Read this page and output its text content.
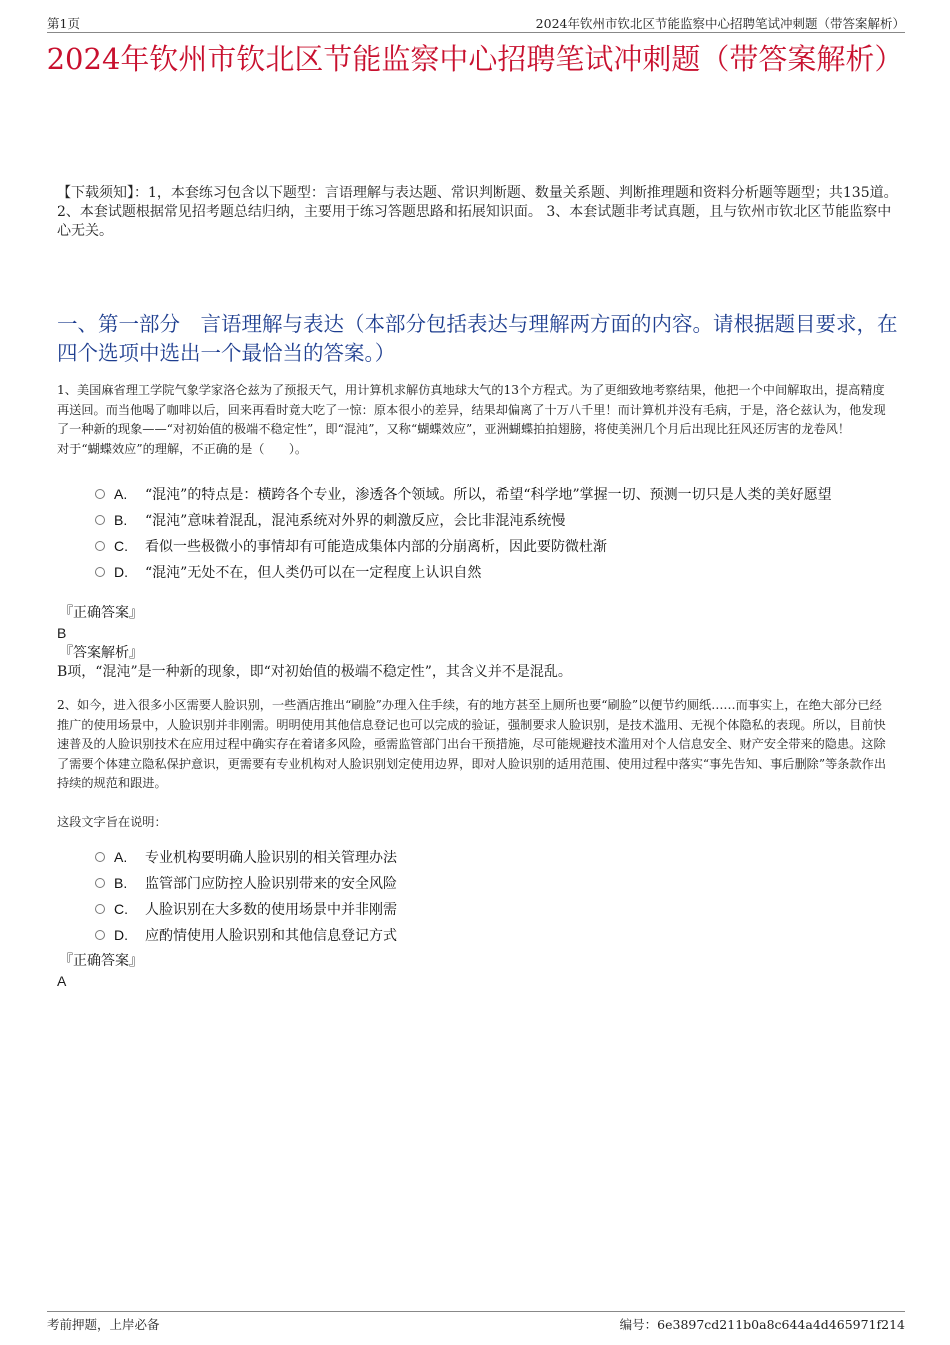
第1页	2024年钦州市钦北区节能监察中心招聘笔试冲刺题（带答案解析）
2024年钦州市钦北区节能监察中心招聘笔试冲刺题（带答案解析）
【下载须知】：1，本套练习包含以下题型：言语理解与表达题、常识判断题、数量关系题、判断推理题和资料分析题等题型；共135道。 2、本套试题根据常见招考题总结归纳，主要用于练习答题思路和拓展知识面。 3、本套试题非考试真题，且与钦州市钦北区节能监察中心无关。
一、第一部分　言语理解与表达（本部分包括表达与理解两方面的内容。请根据题目要求，在四个选项中选出一个最恰当的答案。）
1、美国麻省理工学院气象学家洛仑兹为了预报天气，用计算机求解仿真地球大气的13个方程式。为了更细致地考察结果，他把一个中间解取出，提高精度再送回。而当他喝了咖啡以后，回来再看时竟大吃了一惊：原本很小的差异，结果却偏离了十万八千里！而计算机并没有毛病，于是，洛仑兹认为，他发现了一种新的现象——“对初始值的极端不稳定性”，即“混沌”，又称“蝴蝶效应”，亚洲蝴蝶拍拍翅膀，将使美洲几个月后出现比狂风还厉害的龙卷风！
对于“蝴蝶效应”的理解，不正确的是（　　）。
A. “混沌”的特点是：横跨各个专业，渗透各个领域。所以，希望“科学地”掌握一切、预测一切只是人类的美好愿望
B. “混沌”意味着混乱，混沌系统对外界的刺激反应，会比非混沌系统慢
C. 看似一些极微小的事情却有可能造成集体内部的分崩离析，因此要防微杜渐
D. “混沌”无处不在，但人类仍可以在一定程度上认识自然
『正确答案』
B
『答案解析』
B项，“混沌”是一种新的现象，即“对初始值的极端不稳定性”，其含义并不是混乱。
2、如今，进入很多小区需要人脸识别，一些酒店推出“刷脸”办理入住手续，有的地方甚至上厕所也要“刷脸”以便节约厕纸……而事实上，在绝大部分已经推广的使用场景中，人脸识别并非刚需。明明使用其他信息登记也可以完成的验证，强制要求人脸识别，是技术滥用、无视个体隐私的表现。所以，目前快速普及的人脸识别技术在应用过程中确实存在着诸多风险，亟需监管部门出台干预措施，尽可能规避技术滥用对个人信息安全、财产安全带来的隐患。这除了需要个体建立隐私保护意识，更需要有专业机构对人脸识别划定使用边界，即对人脸识别的适用范围、使用过程中落实“事先告知、事后删除”等条款作出持续的规范和跟进。
这段文字旨在说明：
A. 专业机构要明确人脸识别的相关管理办法
B. 监管部门应防控人脸识别带来的安全风险
C. 人脸识别在大多数的使用场景中并非刚需
D. 应酌情使用人脸识别和其他信息登记方式
『正确答案』
A
考前押题，上岸必备	编号：6e3897cd211b0a8c644a4d465971f214
